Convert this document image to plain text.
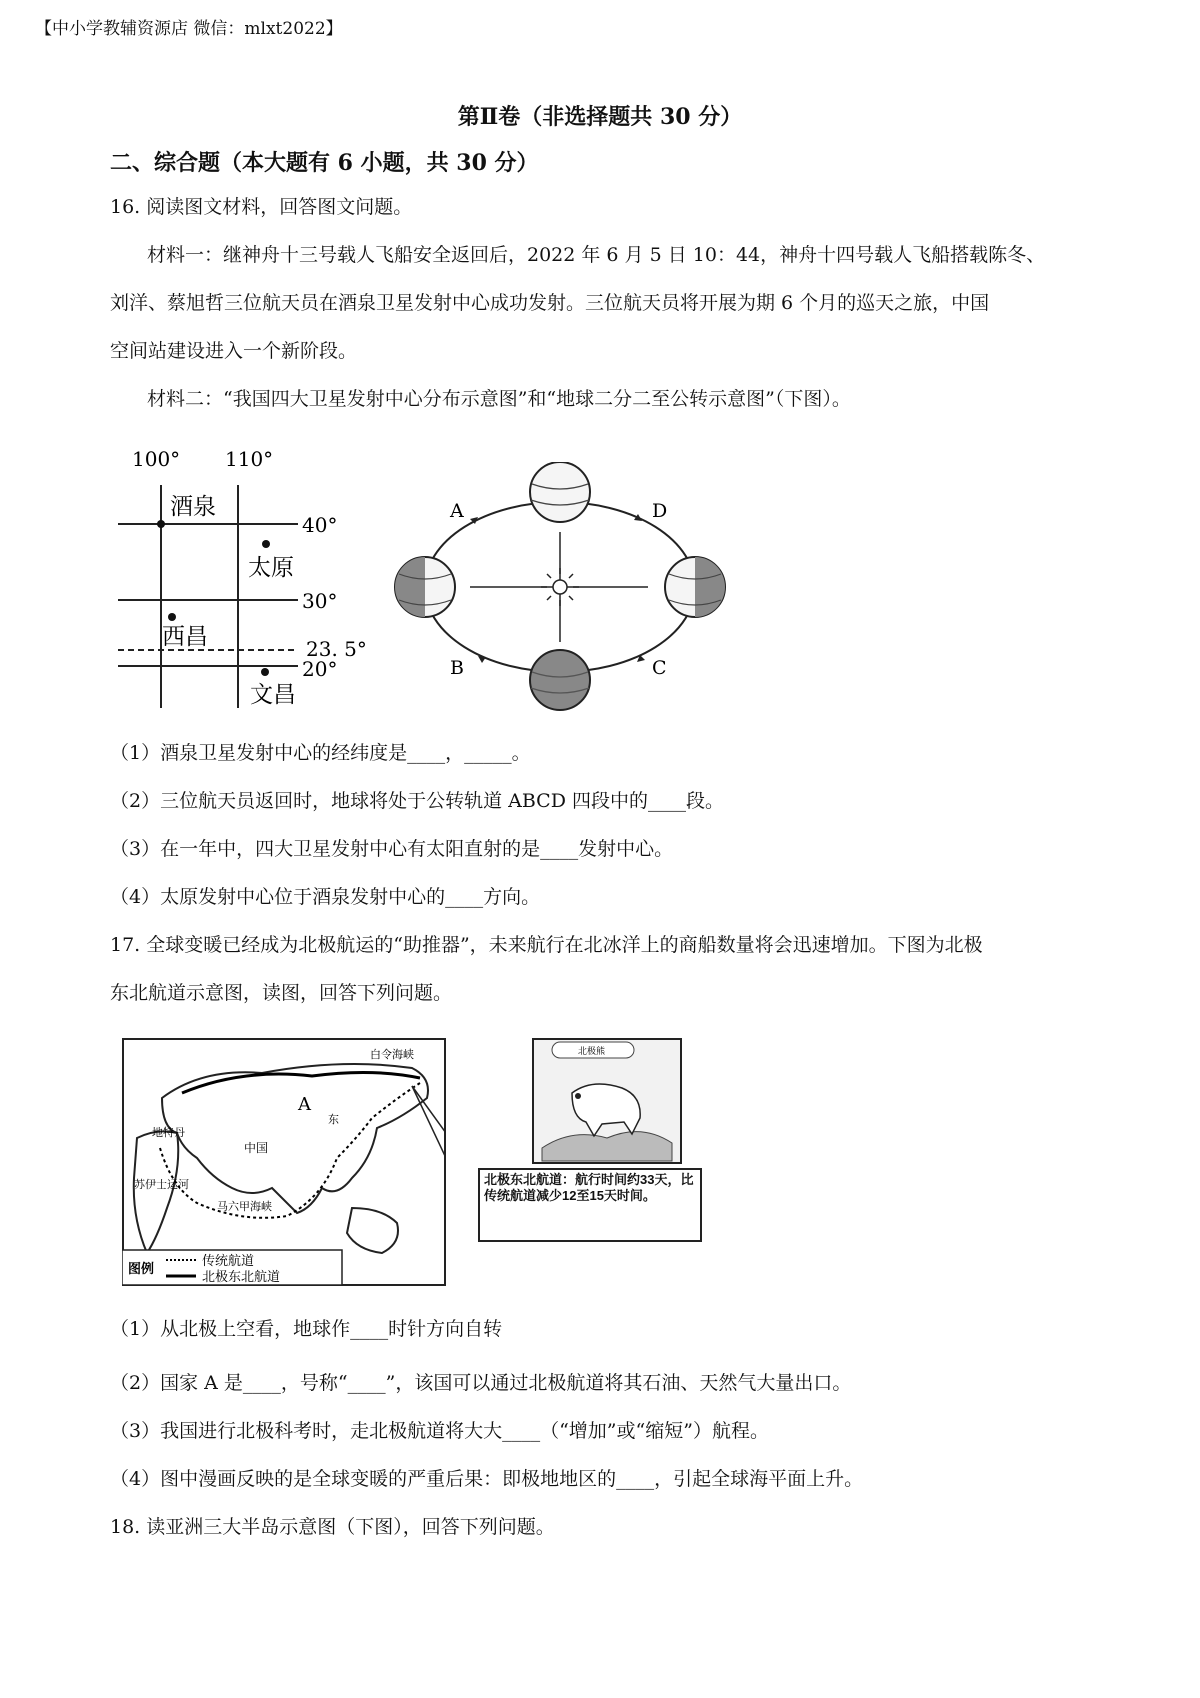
【中小学教辅资源店 微信：mlxt2022】
第Ⅱ卷（非选择题共 30 分）
二、综合题（本大题有 6 小题，共 30 分）
16. 阅读图文材料，回答图文问题。
材料一：继神舟十三号载人飞船安全返回后，2022 年 6 月 5 日 10：44，神舟十四号载人飞船搭载陈冬、
刘洋、蔡旭哲三位航天员在酒泉卫星发射中心成功发射。三位航天员将开展为期 6 个月的巡天之旅，中国
空间站建设进入一个新阶段。
材料二：“我国四大卫星发射中心分布示意图”和“地球二分二至公转示意图”（下图）。
100° 110°
40°
30°
23. 5°
20°
酒泉
太原
西昌
文昌
A	D
B	C
（1）酒泉卫星发射中心的经纬度是____，_____。
（2）三位航天员返回时，地球将处于公转轨道 ABCD 四段中的____段。
（3）在一年中，四大卫星发射中心有太阳直射的是____发射中心。
（4）太原发射中心位于酒泉发射中心的____方向。
17. 全球变暖已经成为北极航运的“助推器”，未来航行在北冰洋上的商船数量将会迅速增加。下图为北极
东北航道示意图，读图，回答下列问题。
白令海峡
A
中国
地特丹
苏伊士运河
东
马六甲海峡
图例
传统航道
北极东北航道
北极熊
北极东北航道：航行时间约33天，比传统航道减少12至15天时间。
（1）从北极上空看，地球作____时针方向自转
（2）国家 A 是____，号称“____”，该国可以通过北极航道将其石油、天然气大量出口。
（3）我国进行北极科考时，走北极航道将大大____（“增加”或“缩短”）航程。
（4）图中漫画反映的是全球变暖的严重后果：即极地地区的____，引起全球海平面上升。
18. 读亚洲三大半岛示意图（下图），回答下列问题。
